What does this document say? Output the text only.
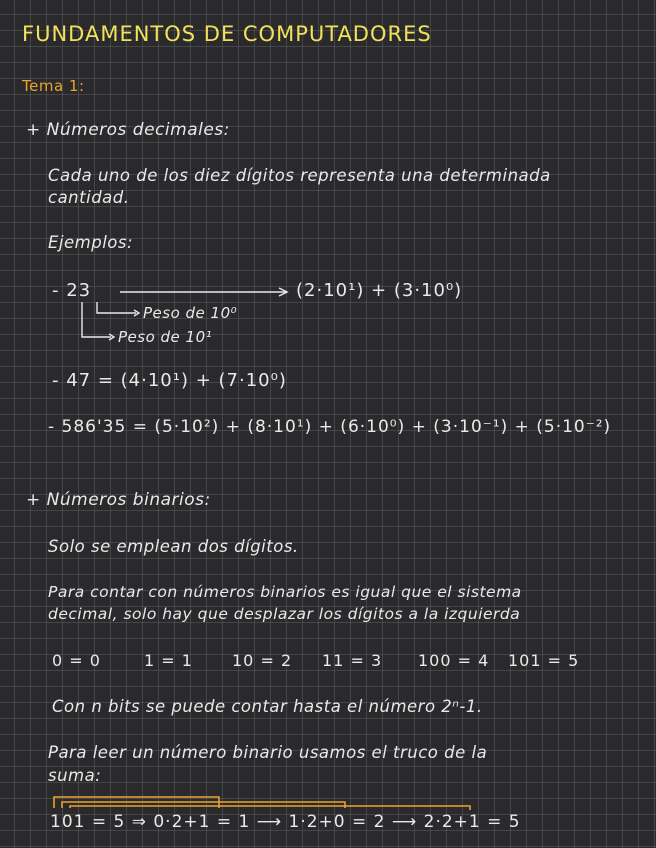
FUNDAMENTOS DE COMPUTADORES
Tema 1:
+ Números decimales:
Cada uno de los diez dígitos representa una determinada
cantidad.
Ejemplos:
- 23	(2·10¹) + (3·10⁰)
Peso de 10⁰
Peso de 10¹
- 47 = (4·10¹) + (7·10⁰)
- 586'35 = (5·10²) + (8·10¹) + (6·10⁰) + (3·10⁻¹) + (5·10⁻²)
+ Números binarios:
Solo se emplean dos dígitos.
Para contar con números binarios es igual que el sistema
decimal, solo hay que desplazar los dígitos a la izquierda
0 = 0	1 = 1 10 = 2 11 = 3 100 = 4 101 = 5
Con n bits se puede contar hasta el número 2ⁿ-1.
Para leer un número binario usamos el truco de la
suma:
101 = 5 ⇒ 0·2+1 = 1 ⟶ 1·2+0 = 2 ⟶ 2·2+1 = 5
